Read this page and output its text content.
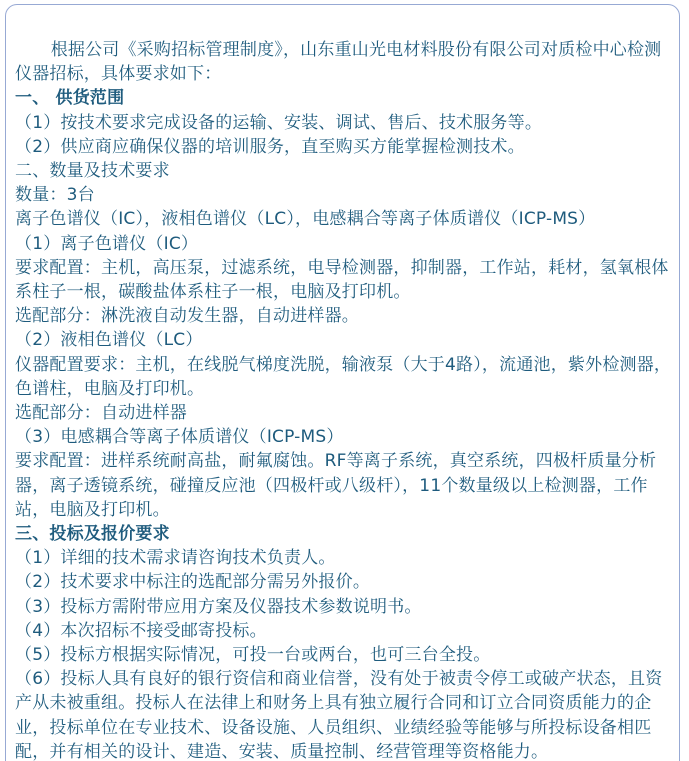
根据公司《采购招标管理制度》，山东重山光电材料股份有限公司对质检中心检测仪器招标，具体要求如下：

一、 供货范围

（1）按技术要求完成设备的运输、安装、调试、售后、技术服务等。

（2）供应商应确保仪器的培训服务，直至购买方能掌握检测技术。

二、数量及技术要求

数量：3台

离子色谱仪（IC），液相色谱仪（LC），电感耦合等离子体质谱仪（ICP-MS）

（1）离子色谱仪（IC）

要求配置：主机，高压泵，过滤系统，电导检测器，抑制器，工作站，耗材，氢氧根体系柱子一根，碳酸盐体系柱子一根，电脑及打印机。

选配部分：淋洗液自动发生器，自动进样器。

（2）液相色谱仪（LC）

仪器配置要求：主机，在线脱气梯度洗脱，输液泵（大于4路），流通池，紫外检测器，色谱柱，电脑及打印机。

选配部分：自动进样器

（3）电感耦合等离子体质谱仪（ICP-MS）

要求配置：进样系统耐高盐，耐氟腐蚀。RF等离子系统，真空系统，四极杆质量分析器，离子透镜系统，碰撞反应池（四极杆或八级杆），11个数量级以上检测器，工作站，电脑及打印机。

三、投标及报价要求

（1）详细的技术需求请咨询技术负责人。

（2）技术要求中标注的选配部分需另外报价。

（3）投标方需附带应用方案及仪器技术参数说明书。

（4）本次招标不接受邮寄投标。

（5）投标方根据实际情况，可投一台或两台，也可三台全投。

（6）投标人具有良好的银行资信和商业信誉，没有处于被责令停工或破产状态，且资产从未被重组。投标人在法律上和财务上具有独立履行合同和订立合同资质能力的企业，投标单位在专业技术、设备设施、人员组织、业绩经验等能够与所投标设备相匹配，并有相关的设计、建造、安装、质量控制、经营管理等资格能力。
